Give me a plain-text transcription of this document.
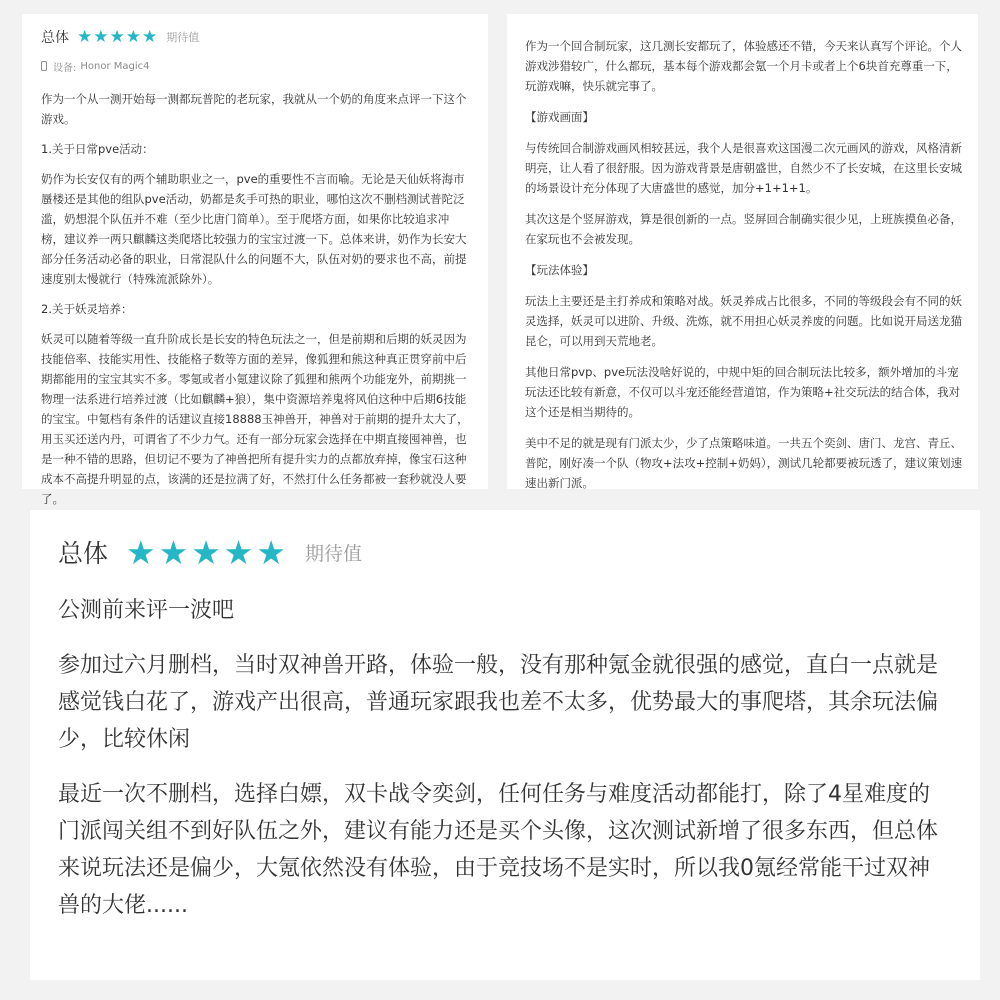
总体 ★ ★ ★ ★ ★ 期待值
设备: Honor Magic4

作为一个从一测开始每一测都玩普陀的老玩家，我就从一个奶的角度来点评一下这个游戏。

1.关于日常pve活动：

奶作为长安仅有的两个辅助职业之一，pve的重要性不言而喻。无论是天仙妖将海市蜃楼还是其他的组队pve活动，奶都是炙手可热的职业，哪怕这次不删档测试普陀泛滥，奶想混个队伍并不难（至少比唐门简单）。至于爬塔方面，如果你比较追求冲榜，建议养一两只麒麟这类爬塔比较强力的宝宝过渡一下。总体来讲，奶作为长安大部分任务活动必备的职业，日常混队什么的问题不大，队伍对奶的要求也不高，前提速度别太慢就行（特殊流派除外）。

2.关于妖灵培养：

妖灵可以随着等级一直升阶成长是长安的特色玩法之一，但是前期和后期的妖灵因为技能倍率、技能实用性、技能格子数等方面的差异，像狐狸和熊这种真正贯穿前中后期都能用的宝宝其实不多。零氪或者小氪建议除了狐狸和熊两个功能宠外，前期挑一物理一法系进行培养过渡（比如麒麟+狼），集中资源培养鬼将风伯这种中后期6技能的宝宝。中氪档有条件的话建议直接18888玉神兽开，神兽对于前期的提升太大了，用玉买还送内丹，可谓省了不少力气。还有一部分玩家会选择在中期直接囤神兽，也是一种不错的思路，但切记不要为了神兽把所有提升实力的点都放弃掉，像宝石这种成本不高提升明显的点，该满的还是拉满了好，不然打什么任务都被一套秒就没人要了。

作为一个回合制玩家，这几测长安都玩了，体验感还不错，今天来认真写个评论。个人游戏涉猎较广，什么都玩，基本每个游戏都会氪一个月卡或者上个6块首充尊重一下，玩游戏嘛，快乐就完事了。

【游戏画面】

与传统回合制游戏画风相较甚远，我个人是很喜欢这国漫二次元画风的游戏，风格清新明亮，让人看了很舒服。因为游戏背景是唐朝盛世，自然少不了长安城，在这里长安城的场景设计充分体现了大唐盛世的感觉，加分+1+1+1。

其次这是个竖屏游戏，算是很创新的一点。竖屏回合制确实很少见，上班族摸鱼必备，在家玩也不会被发现。

【玩法体验】

玩法上主要还是主打养成和策略对战。妖灵养成占比很多，不同的等级段会有不同的妖灵选择，妖灵可以进阶、升级、洗炼，就不用担心妖灵养废的问题。比如说开局送龙猫昆仑，可以用到天荒地老。

其他日常pvp、pve玩法没啥好说的，中规中矩的回合制玩法比较多，额外增加的斗宠玩法还比较有新意，不仅可以斗宠还能经营道馆，作为策略+社交玩法的结合体，我对这个还是相当期待的。

美中不足的就是现有门派太少，少了点策略味道。一共五个奕剑、唐门、龙宫、青丘、普陀，刚好凑一个队（物攻+法攻+控制+奶妈），测试几轮都要被玩透了，建议策划速速出新门派。

总体 ★ ★ ★ ★ ★ 期待值

公测前来评一波吧

参加过六月删档，当时双神兽开路，体验一般，没有那种氪金就很强的感觉，直白一点就是感觉钱白花了，游戏产出很高，普通玩家跟我也差不太多，优势最大的事爬塔，其余玩法偏少，比较休闲

最近一次不删档，选择白嫖，双卡战令奕剑，任何任务与难度活动都能打，除了4星难度的门派闯关组不到好队伍之外，建议有能力还是买个头像，这次测试新增了很多东西，但总体来说玩法还是偏少，大氪依然没有体验，由于竞技场不是实时，所以我0氪经常能干过双神兽的大佬......
